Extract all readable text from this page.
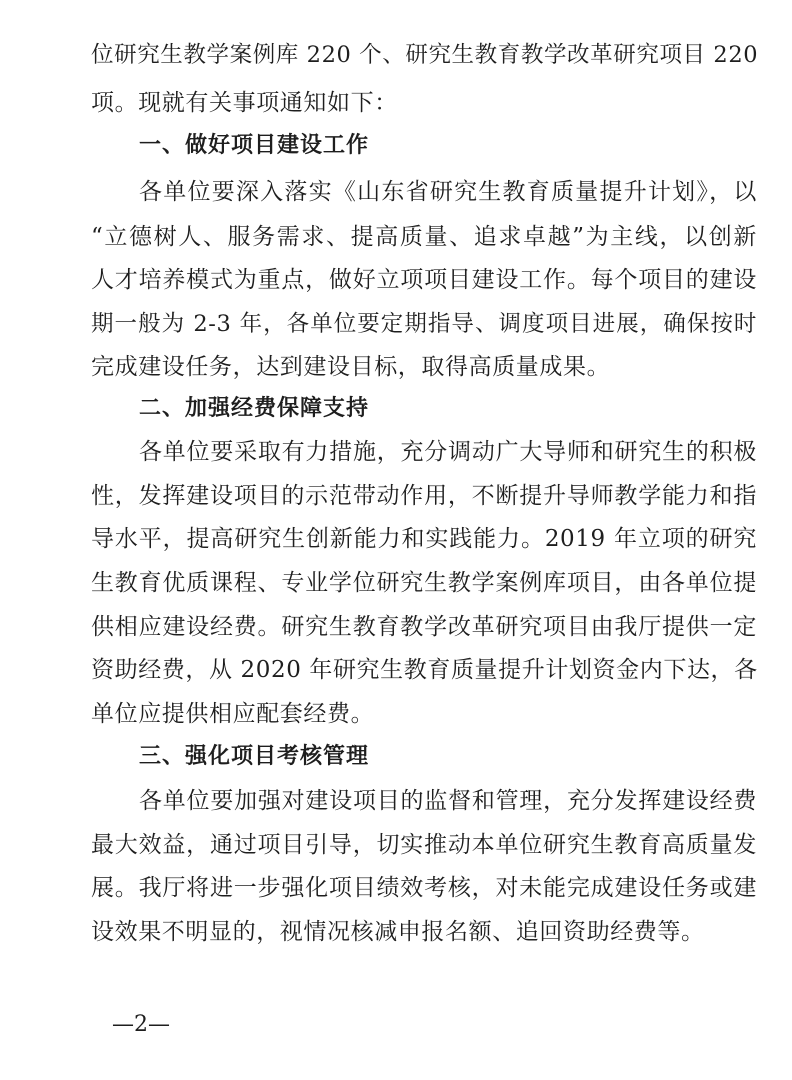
位研究生教学案例库 220 个、研究生教育教学改革研究项目 220
项。现就有关事项通知如下：
一、做好项目建设工作
各单位要深入落实《山东省研究生教育质量提升计划》，以
“立德树人、服务需求、提高质量、追求卓越”为主线，以创新
人才培养模式为重点，做好立项项目建设工作。每个项目的建设
期一般为 2-3 年，各单位要定期指导、调度项目进展，确保按时
完成建设任务，达到建设目标，取得高质量成果。
二、加强经费保障支持
各单位要采取有力措施，充分调动广大导师和研究生的积极
性，发挥建设项目的示范带动作用，不断提升导师教学能力和指
导水平，提高研究生创新能力和实践能力。2019 年立项的研究
生教育优质课程、专业学位研究生教学案例库项目，由各单位提
供相应建设经费。研究生教育教学改革研究项目由我厅提供一定
资助经费，从 2020 年研究生教育质量提升计划资金内下达，各
单位应提供相应配套经费。
三、强化项目考核管理
各单位要加强对建设项目的监督和管理，充分发挥建设经费
最大效益，通过项目引导，切实推动本单位研究生教育高质量发
展。我厅将进一步强化项目绩效考核，对未能完成建设任务或建
设效果不明显的，视情况核减申报名额、追回资助经费等。
—2—
